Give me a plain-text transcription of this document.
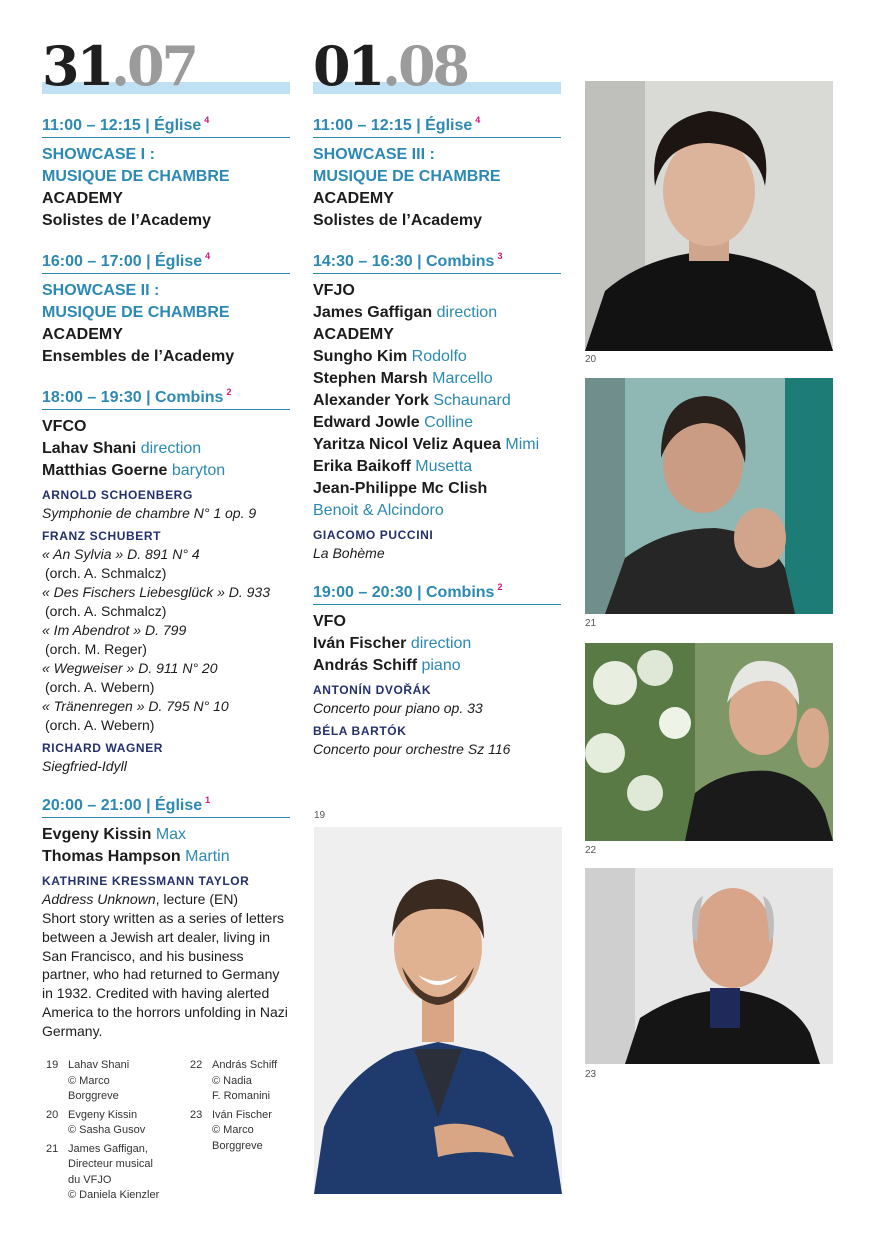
31.07
11:00 – 12:15 | Église $^4$
SHOWCASE I :
MUSIQUE DE CHAMBRE
ACADEMY
Solistes de l’Academy
16:00 – 17:00 | Église $^4$
SHOWCASE II :
MUSIQUE DE CHAMBRE
ACADEMY
Ensembles de l’Academy
18:00 – 19:30 | Combins $^2$
VFCO
Lahav Shani direction
Matthias Goerne baryton
ARNOLD SCHOENBERG
Symphonie de chambre N° 1 op. 9
FRANZ SCHUBERT
« An Sylvia » D. 891 N° 4
(orch. A. Schmalcz)
« Des Fischers Liebesglück » D. 933
(orch. A. Schmalcz)
« Im Abendrot » D. 799
(orch. M. Reger)
« Wegweiser » D. 911 N° 20
(orch. A. Webern)
« Tränenregen » D. 795 N° 10
(orch. A. Webern)
RICHARD WAGNER
Siegfried-Idyll
20:00 – 21:00 | Église $^1$
Evgeny Kissin Max
Thomas Hampson Martin
KATHRINE KRESSMANN TAYLOR
Address Unknown, lecture (EN)
Short story written as a series of letters between a Jewish art dealer, living in San Francisco, and his business partner, who had returned to Germany in 1932. Credited with having alerted America to the horrors unfolding in Nazi Germany.
01.08
11:00 – 12:15 | Église $^4$
SHOWCASE III :
MUSIQUE DE CHAMBRE
ACADEMY
Solistes de l’Academy
14:30 – 16:30 | Combins $^3$
VFJO
James Gaffigan direction
ACADEMY
Sungho Kim Rodolfo
Stephen Marsh Marcello
Alexander York Schaunard
Edward Jowle Colline
Yaritza Nicol Veliz Aquea Mimi
Erika Baikoff Musetta
Jean-Philippe Mc Clish
Benoit & Alcindoro
GIACOMO PUCCINI
La Bohème
19:00 – 20:30 | Combins $^2$
VFO
Iván Fischer direction
András Schiff piano
ANTONÍN DVOŘÁK
Concerto pour piano op. 33
BÉLA BARTÓK
Concerto pour orchestre Sz 116
19
20
21
22
23
19 Lahav Shani
© Marco Borggreve
20 Evgeny Kissin
© Sasha Gusov
21 James Gaffigan,
Directeur musical
du VFJO
© Daniela Kienzler
22 András Schiff
© Nadia
F. Romanini
23 Iván Fischer
© Marco
Borggreve
